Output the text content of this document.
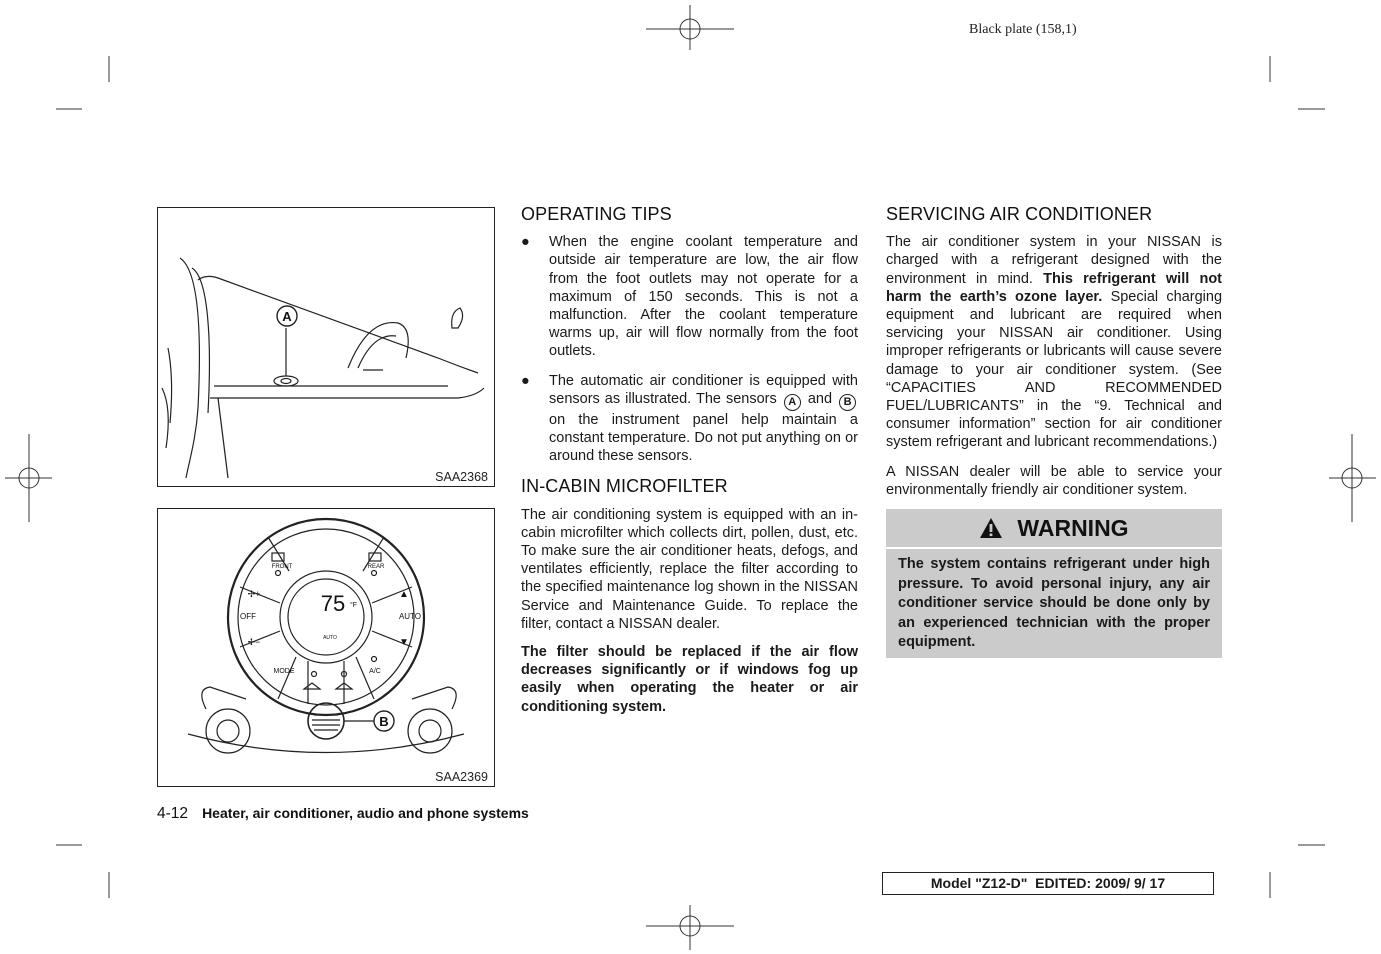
Black plate (158,1)
A
SAA2368
FRONT	REAR
OFF	AUTO
MODE	A/C
75 °F
AUTO
✢+
✢−
▲
▼
B
SAA2369
OPERATING TIPS
● When the engine coolant temperature and outside air temperature are low, the air flow from the foot outlets may not operate for a maximum of 150 seconds. This is not a malfunction. After the coolant temperature warms up, air will flow normally from the foot outlets.
● The automatic air conditioner is equipped with sensors as illustrated. The sensors A and B on the instrument panel help maintain a constant temperature. Do not put anything on or around these sensors.
IN-CABIN MICROFILTER

The air conditioning system is equipped with an in-cabin microfilter which collects dirt, pollen, dust, etc. To make sure the air conditioner heats, defogs, and ventilates efficiently, replace the filter according to the specified maintenance log shown in the NISSAN Service and Maintenance Guide. To replace the filter, contact a NISSAN dealer.

The filter should be replaced if the air flow decreases significantly or if windows fog up easily when operating the heater or air conditioning system.

SERVICING AIR CONDITIONER

The air conditioner system in your NISSAN is charged with a refrigerant designed with the environment in mind. This refrigerant will not harm the earth’s ozone layer. Special charging equipment and lubricant are required when servicing your NISSAN air conditioner. Using improper refrigerants or lubricants will cause severe damage to your air conditioner system. (See “CAPACITIES AND RECOMMENDED FUEL/LUBRICANTS” in the “9. Technical and consumer information” section for air conditioner system refrigerant and lubricant recommendations.)

A NISSAN dealer will be able to service your environmentally friendly air conditioner system.

WARNING
The system contains refrigerant under high pressure. To avoid personal injury, any air conditioner service should be done only by an experienced technician with the proper equipment.
4-12 Heater, air conditioner, audio and phone systems
Model "Z12-D" EDITED: 2009/ 9/ 17
